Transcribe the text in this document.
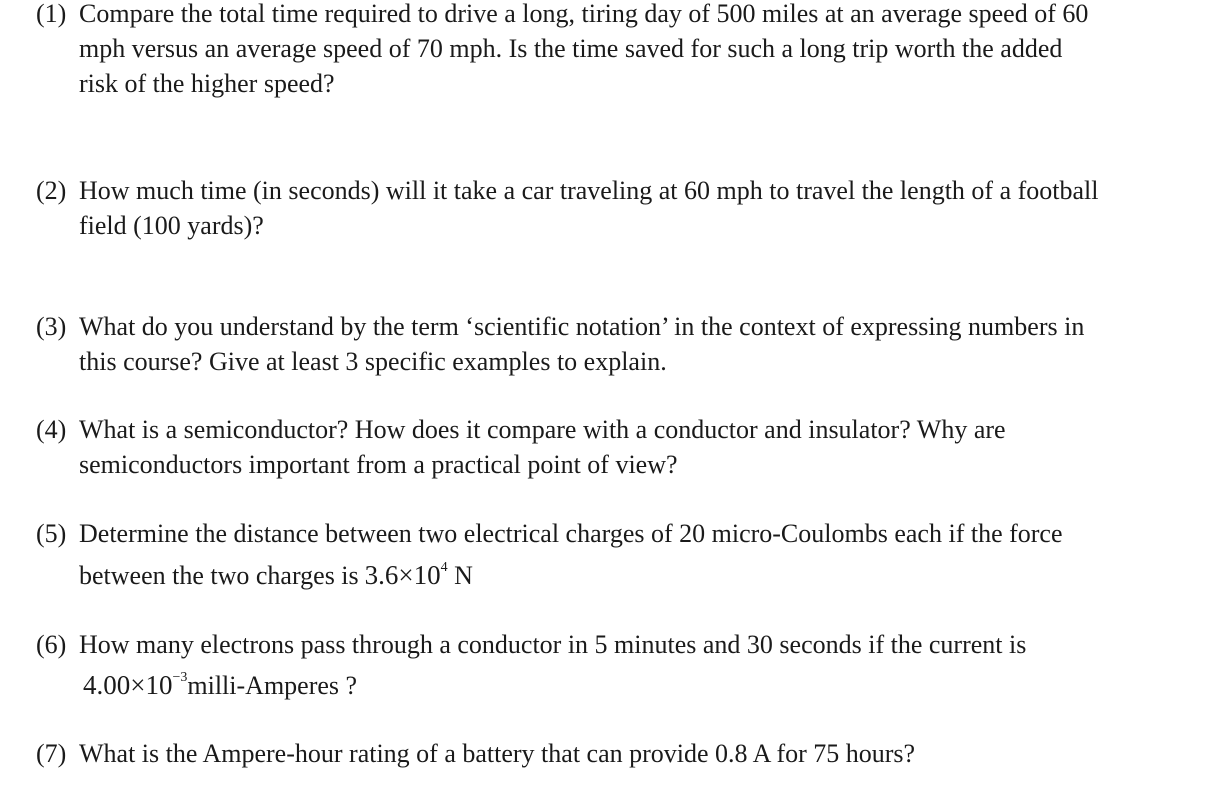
(1) Compare the total time required to drive a long, tiring day of 500 miles at an average speed of 60
mph versus an average speed of 70 mph. Is the time saved for such a long trip worth the added
risk of the higher speed?
(2) How much time (in seconds) will it take a car traveling at 60 mph to travel the length of a football
field (100 yards)?
(3) What do you understand by the term ‘scientific notation’ in the context of expressing numbers in
this course? Give at least 3 specific examples to explain.
(4) What is a semiconductor? How does it compare with a conductor and insulator? Why are
semiconductors important from a practical point of view?
(5) Determine the distance between two electrical charges of 20 micro-Coulombs each if the force
between the two charges is $3.6\times 10^4$ N
(6) How many electrons pass through a conductor in 5 minutes and 30 seconds if the current is
$4.00\times 10^{-3}milli$-Amperes ?
(7) What is the Ampere-hour rating of a battery that can provide 0.8 A for 75 hours?
